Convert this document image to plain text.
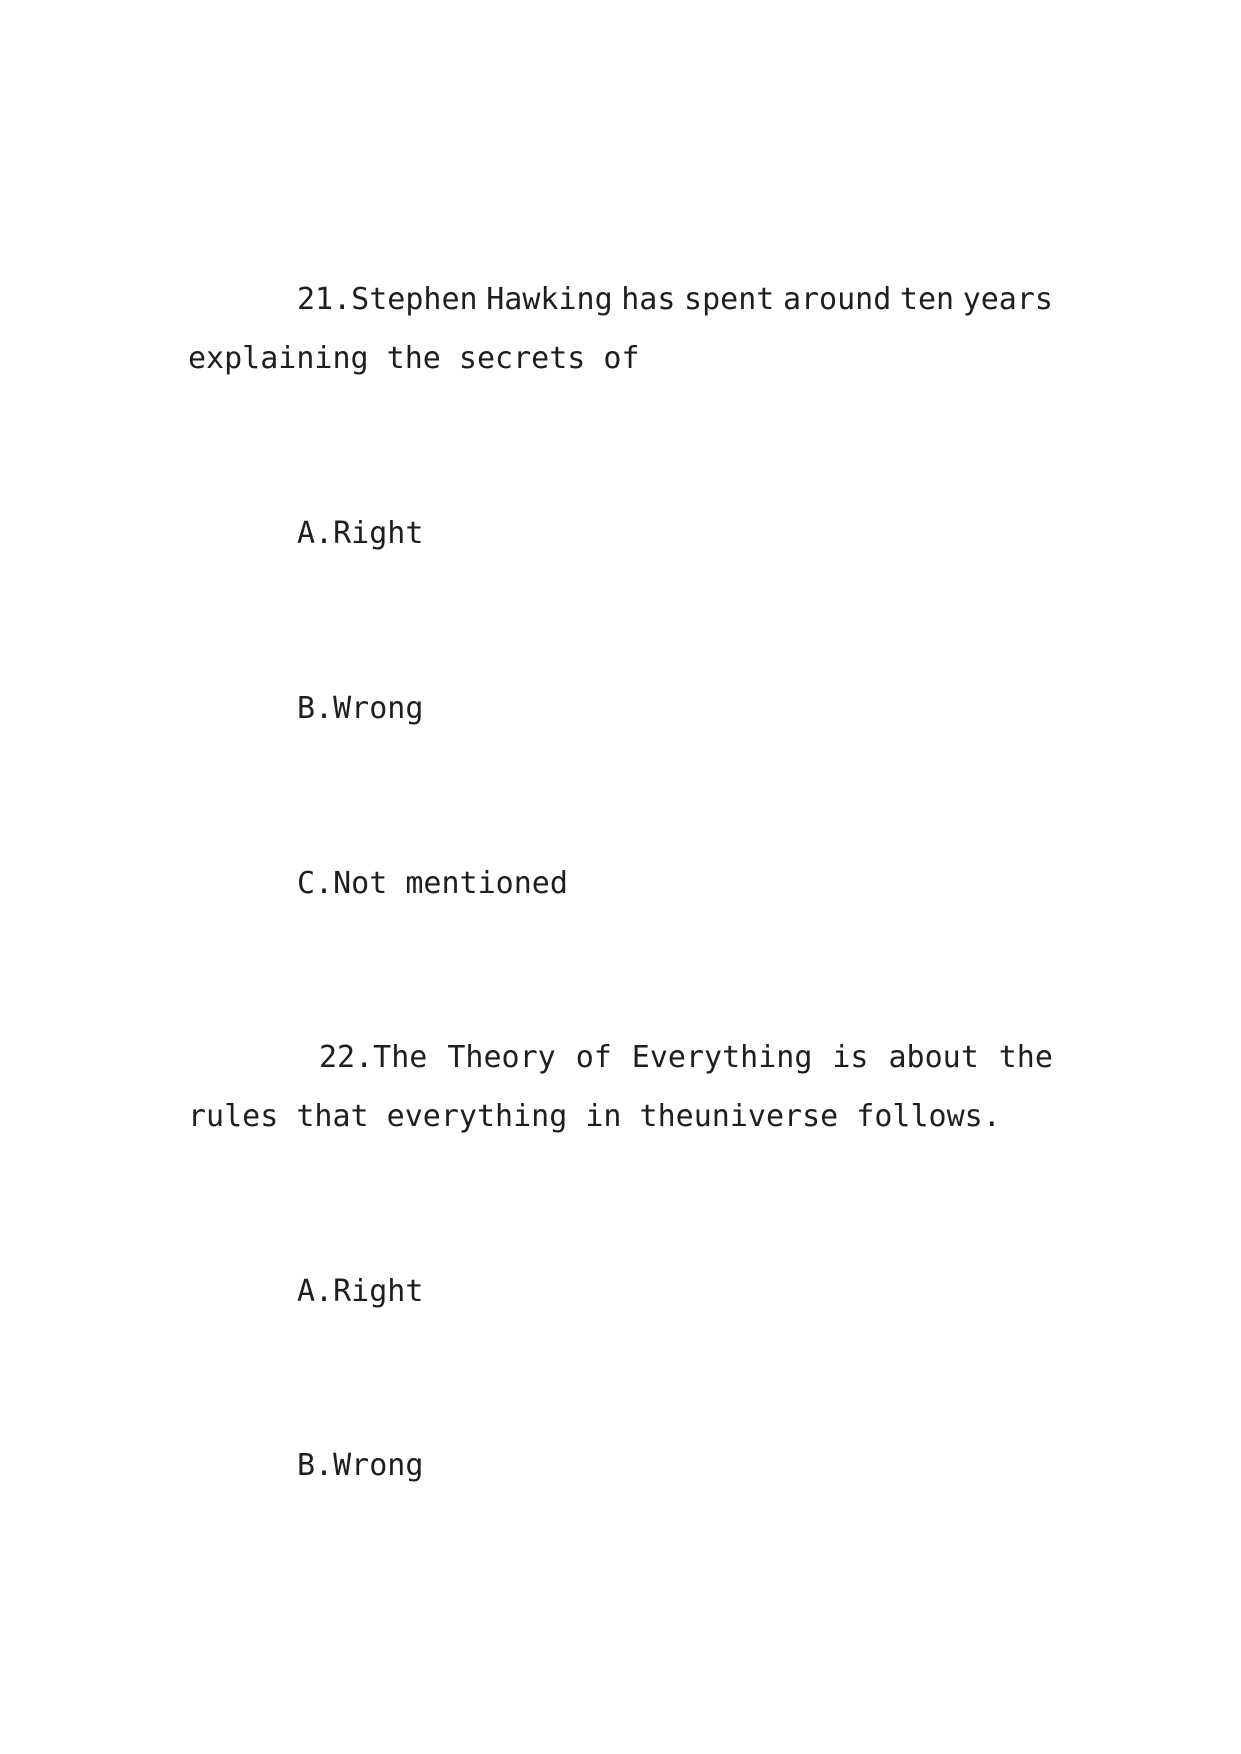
21.Stephen Hawking has spent around ten years
explaining the secrets of
A.Right
B.Wrong
C.Not mentioned
22.The Theory of Everything is about the
rules that everything in theuniverse follows.
A.Right
B.Wrong
